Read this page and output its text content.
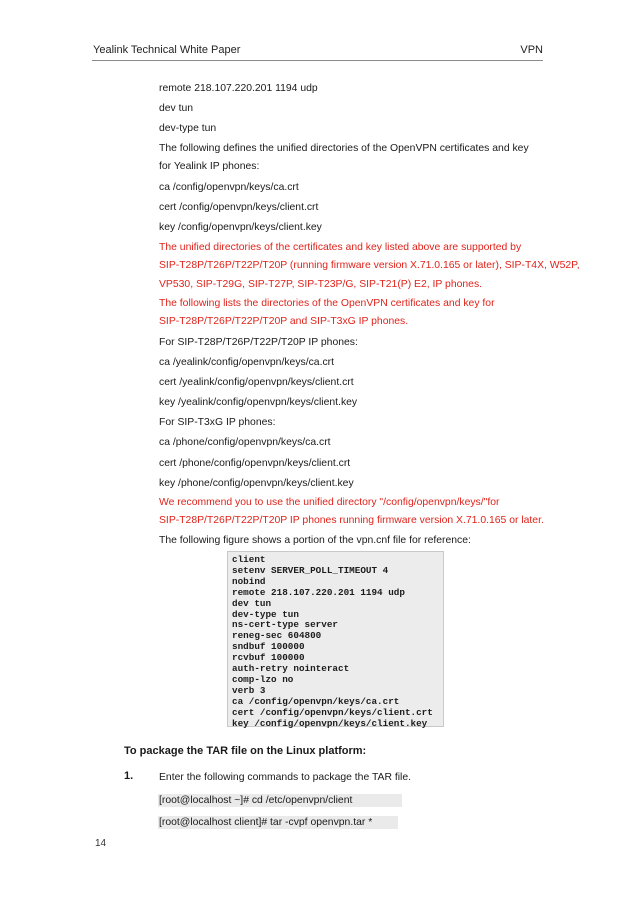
Yealink Technical White Paper	VPN
remote 218.107.220.201 1194 udp
dev tun
dev-type tun
The following defines the unified directories of the OpenVPN certificates and key
for Yealink IP phones:
ca /config/openvpn/keys/ca.crt
cert /config/openvpn/keys/client.crt
key /config/openvpn/keys/client.key
The unified directories of the certificates and key listed above are supported by
SIP-T28P/T26P/T22P/T20P (running firmware version X.71.0.165 or later), SIP-T4X, W52P,
VP530, SIP-T29G, SIP-T27P, SIP-T23P/G, SIP-T21(P) E2, IP phones.
The following lists the directories of the OpenVPN certificates and key for
SIP-T28P/T26P/T22P/T20P and SIP-T3xG IP phones.
For SIP-T28P/T26P/T22P/T20P IP phones:
ca /yealink/config/openvpn/keys/ca.crt
cert /yealink/config/openvpn/keys/client.crt
key /yealink/config/openvpn/keys/client.key
For SIP-T3xG IP phones:
ca /phone/config/openvpn/keys/ca.crt
cert /phone/config/openvpn/keys/client.crt
key /phone/config/openvpn/keys/client.key
We recommend you to use the unified directory "/config/openvpn/keys/"for
SIP-T28P/T26P/T22P/T20P IP phones running firmware version X.71.0.165 or later.
The following figure shows a portion of the vpn.cnf file for reference:
client
setenv SERVER_POLL_TIMEOUT 4
nobind
remote 218.107.220.201 1194 udp
dev tun
dev-type tun
ns-cert-type server
reneg-sec 604800
sndbuf 100000
rcvbuf 100000
auth-retry nointeract
comp-lzo no
verb 3
ca /config/openvpn/keys/ca.crt
cert /config/openvpn/keys/client.crt
key /config/openvpn/keys/client.key
To package the TAR file on the Linux platform:
1. Enter the following commands to package the TAR file.
[root@localhost ~]# cd /etc/openvpn/client
[root@localhost client]# tar -cvpf openvpn.tar *
14
